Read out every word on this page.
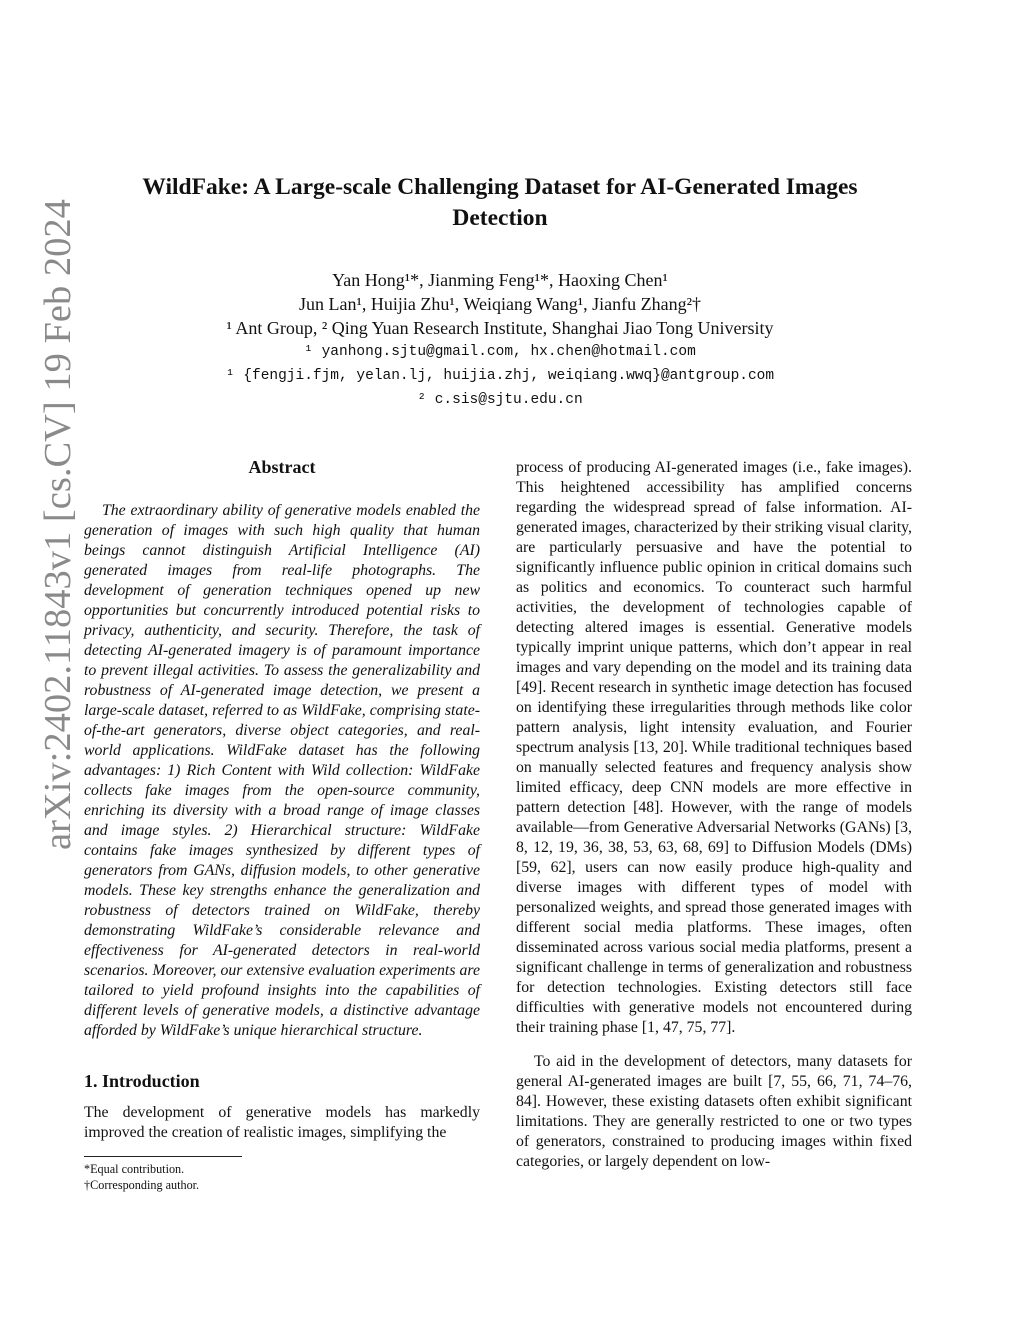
arXiv:2402.11843v1 [cs.CV] 19 Feb 2024
WildFake: A Large-scale Challenging Dataset for AI-Generated Images
Detection
Yan Hong¹*, Jianming Feng¹*, Haoxing Chen¹
Jun Lan¹, Huijia Zhu¹, Weiqiang Wang¹, Jianfu Zhang²†
¹ Ant Group, ² Qing Yuan Research Institute, Shanghai Jiao Tong University
¹ yanhong.sjtu@gmail.com, hx.chen@hotmail.com
¹ {fengji.fjm, yelan.lj, huijia.zhj, weiqiang.wwq}@antgroup.com
² c.sis@sjtu.edu.cn
Abstract

The extraordinary ability of generative models enabled the generation of images with such high quality that human beings cannot distinguish Artificial Intelligence (AI) generated images from real-life photographs. The development of generation techniques opened up new opportunities but concurrently introduced potential risks to privacy, authenticity, and security. Therefore, the task of detecting AI-generated imagery is of paramount importance to prevent illegal activities. To assess the generalizability and robustness of AI-generated image detection, we present a large-scale dataset, referred to as WildFake, comprising state-of-the-art generators, diverse object categories, and real-world applications. WildFake dataset has the following advantages: 1) Rich Content with Wild collection: WildFake collects fake images from the open-source community, enriching its diversity with a broad range of image classes and image styles. 2) Hierarchical structure: WildFake contains fake images synthesized by different types of generators from GANs, diffusion models, to other generative models. These key strengths enhance the generalization and robustness of detectors trained on WildFake, thereby demonstrating WildFake’s considerable relevance and effectiveness for AI-generated detectors in real-world scenarios. Moreover, our extensive evaluation experiments are tailored to yield profound insights into the capabilities of different levels of generative models, a distinctive advantage afforded by WildFake’s unique hierarchical structure.

1. Introduction

The development of generative models has markedly improved the creation of realistic images, simplifying the

*Equal contribution.
†Corresponding author.

process of producing AI-generated images (i.e., fake images). This heightened accessibility has amplified concerns regarding the widespread spread of false information. AI-generated images, characterized by their striking visual clarity, are particularly persuasive and have the potential to significantly influence public opinion in critical domains such as politics and economics. To counteract such harmful activities, the development of technologies capable of detecting altered images is essential. Generative models typically imprint unique patterns, which don’t appear in real images and vary depending on the model and its training data [49]. Recent research in synthetic image detection has focused on identifying these irregularities through methods like color pattern analysis, light intensity evaluation, and Fourier spectrum analysis [13, 20]. While traditional techniques based on manually selected features and frequency analysis show limited efficacy, deep CNN models are more effective in pattern detection [48]. However, with the range of models available—from Generative Adversarial Networks (GANs) [3, 8, 12, 19, 36, 38, 53, 63, 68, 69] to Diffusion Models (DMs) [59, 62], users can now easily produce high-quality and diverse images with different types of model with personalized weights, and spread those generated images with different social media platforms. These images, often disseminated across various social media platforms, present a significant challenge in terms of generalization and robustness for detection technologies. Existing detectors still face difficulties with generative models not encountered during their training phase [1, 47, 75, 77].

To aid in the development of detectors, many datasets for general AI-generated images are built [7, 55, 66, 71, 74–76, 84]. However, these existing datasets often exhibit significant limitations. They are generally restricted to one or two types of generators, constrained to producing images within fixed categories, or largely dependent on low-
